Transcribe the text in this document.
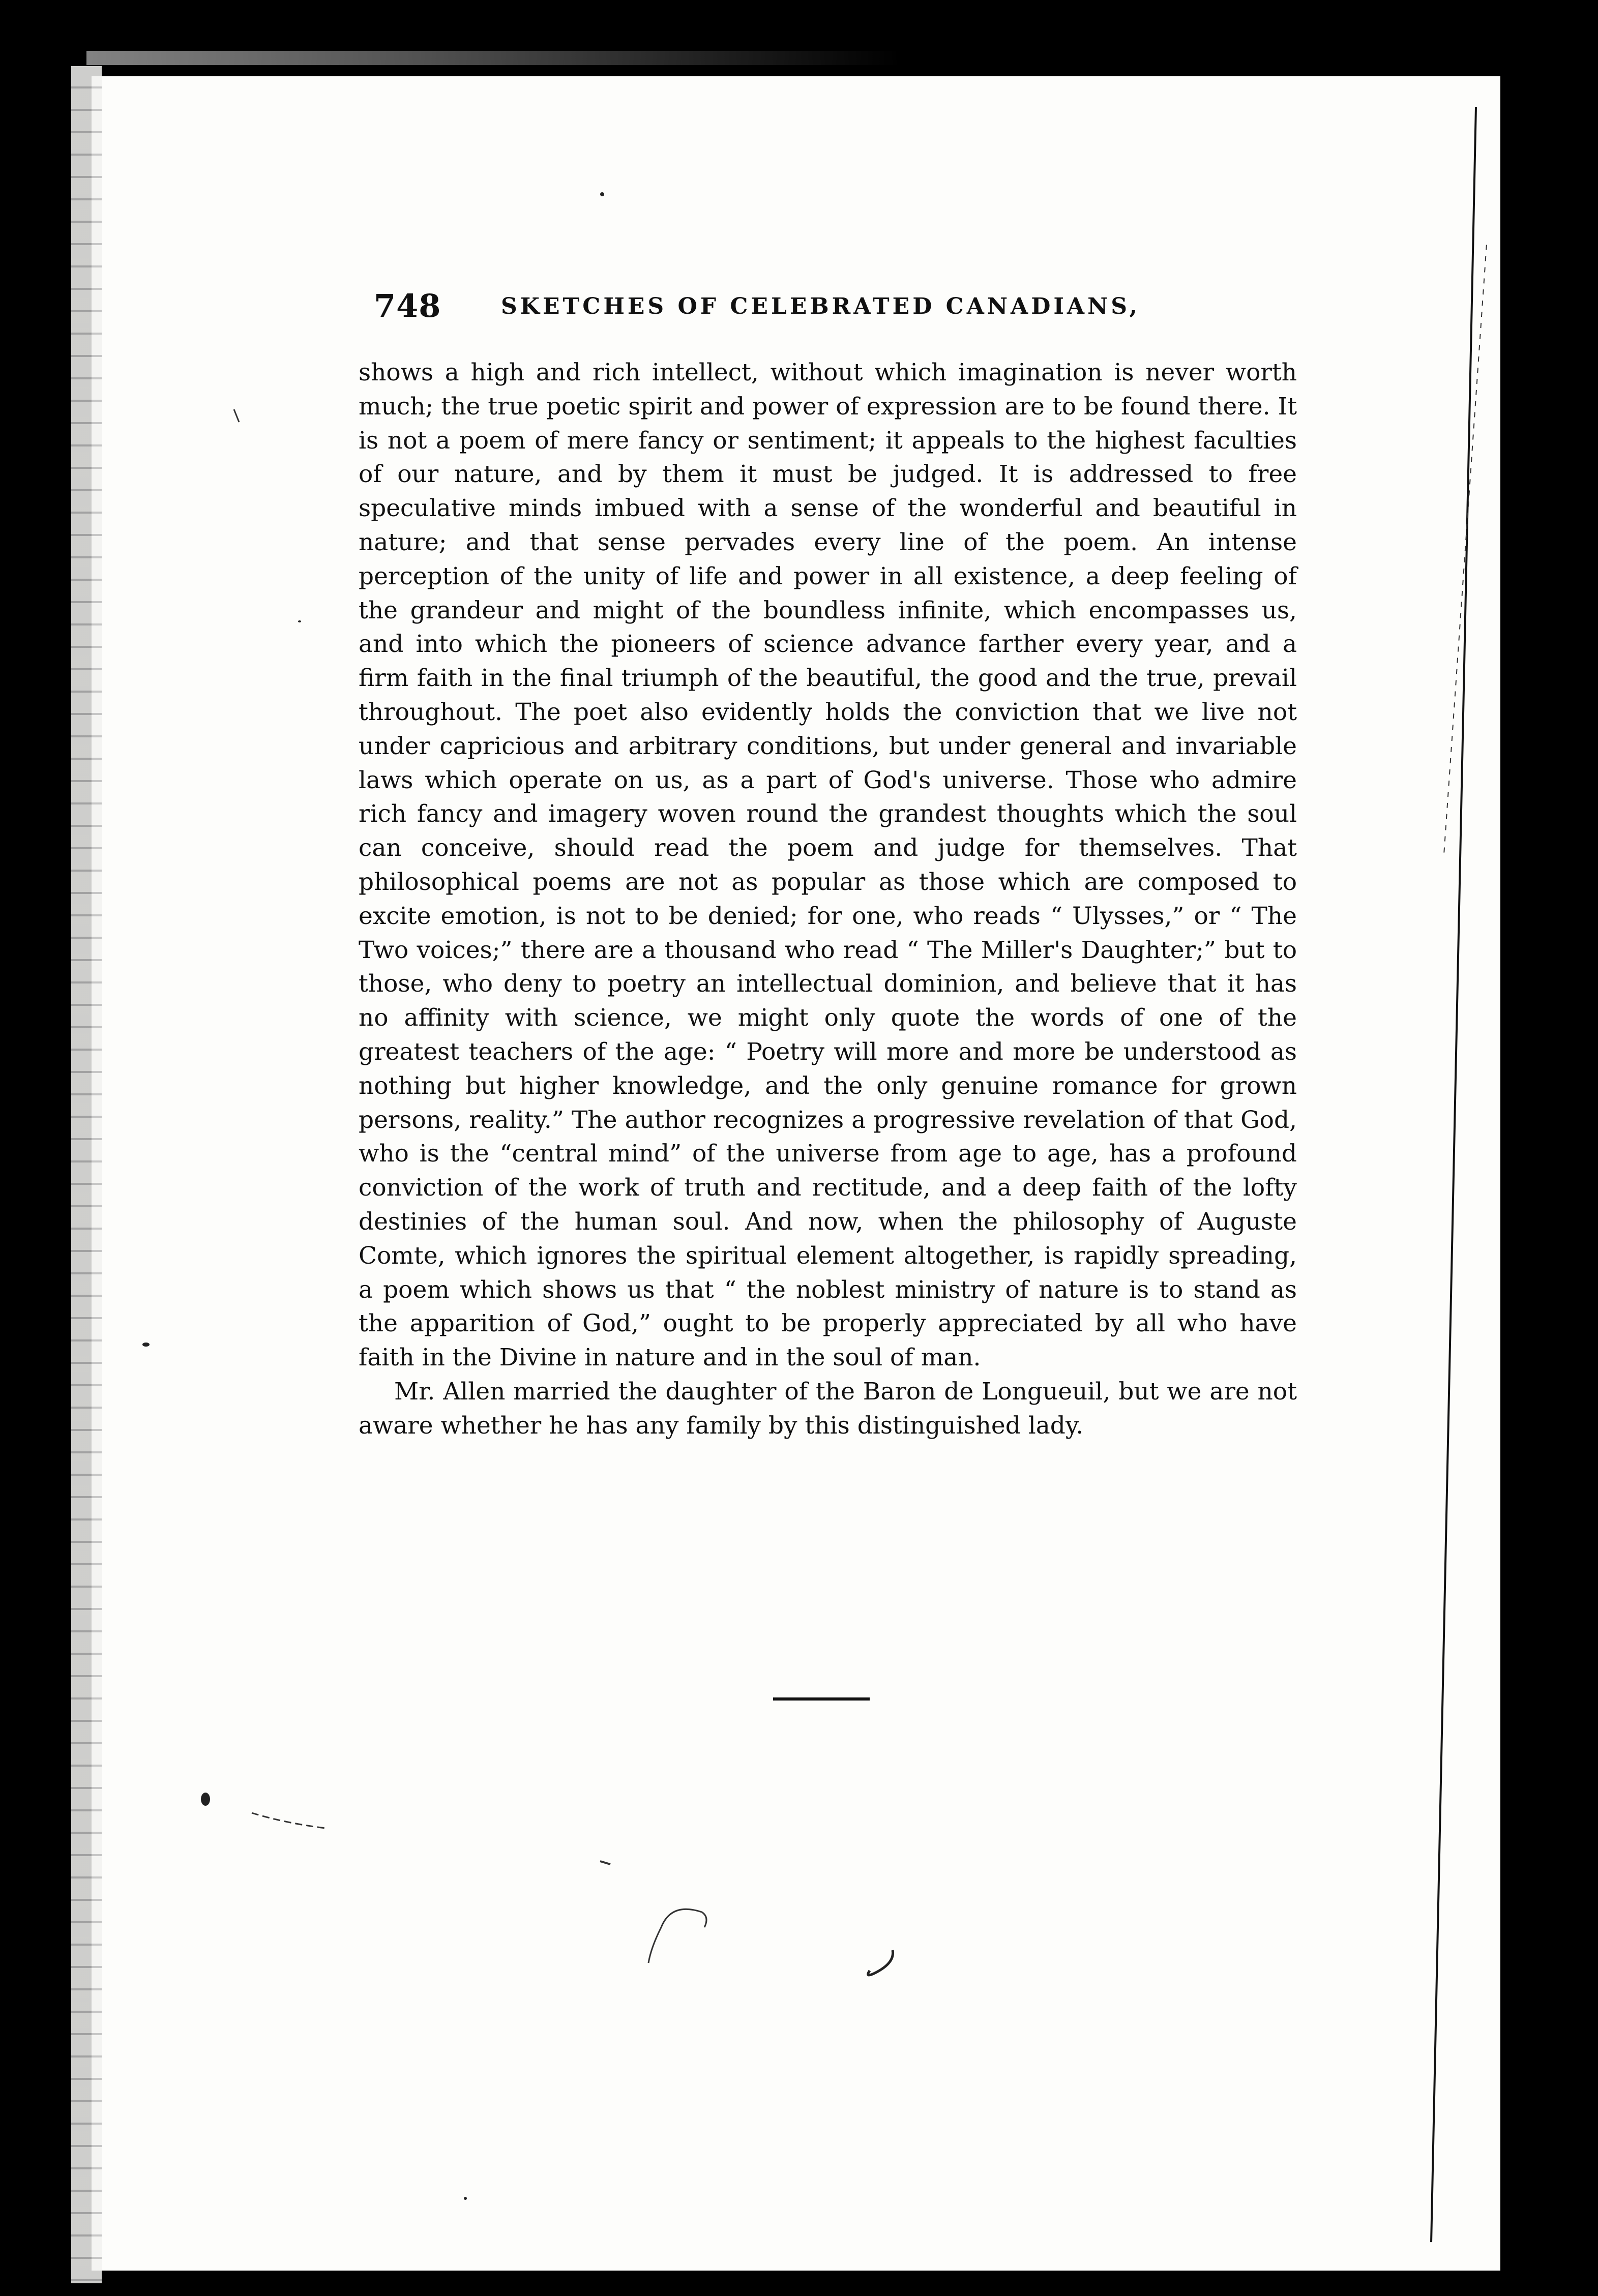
748	SKETCHES OF CELEBRATED CANADIANS,

shows a high and rich intellect, without which imagination is never worth much; the true poetic spirit and power of expression are to be found there. It is not a poem of mere fancy or sentiment; it appeals to the highest faculties of our nature, and by them it must be judged. It is addressed to free speculative minds imbued with a sense of the wonderful and beautiful in nature; and that sense pervades every line of the poem. An intense perception of the unity of life and power in all existence, a deep feeling of the grandeur and might of the boundless infinite, which encompasses us, and into which the pioneers of science advance farther every year, and a firm faith in the final triumph of the beautiful, the good and the true, prevail throughout. The poet also evidently holds the conviction that we live not under capricious and arbitrary conditions, but under general and invariable laws which operate on us, as a part of God's universe. Those who admire rich fancy and imagery woven round the grandest thoughts which the soul can conceive, should read the poem and judge for themselves. That philosophical poems are not as popular as those which are composed to excite emotion, is not to be denied; for one, who reads “ Ulysses,” or “ The Two voices;” there are a thousand who read “ The Miller's Daughter;” but to those, who deny to poetry an intellectual dominion, and believe that it has no affinity with science, we might only quote the words of one of the greatest teachers of the age: “ Poetry will more and more be understood as nothing but higher knowledge, and the only genuine romance for grown persons, reality.” The author recognizes a progressive revelation of that God, who is the “central mind” of the universe from age to age, has a profound conviction of the work of truth and rectitude, and a deep faith of the lofty destinies of the human soul. And now, when the philosophy of Auguste Comte, which ignores the spiritual element altogether, is rapidly spreading, a poem which shows us that “ the noblest ministry of nature is to stand as the apparition of God,” ought to be properly appreciated by all who have faith in the Divine in nature and in the soul of man.

Mr. Allen married the daughter of the Baron de Longueuil, but we are not aware whether he has any family by this distinguished lady.
